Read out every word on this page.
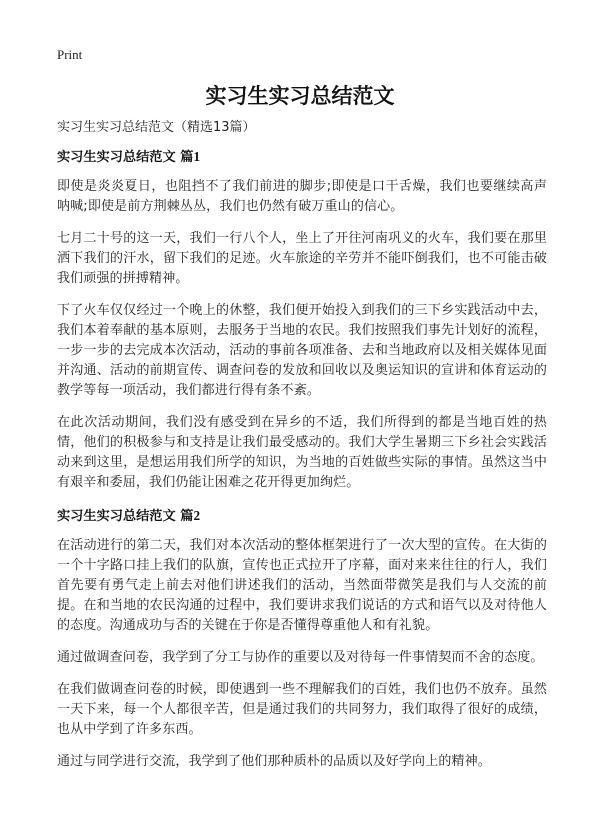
Print
实习生实习总结范文
实习生实习总结范文（精选13篇）
实习生实习总结范文 篇1

即使是炎炎夏日，也阻挡不了我们前进的脚步;即使是口干舌燥，我们也要继续高声呐喊;即使是前方荆棘丛丛，我们也仍然有破万重山的信心。

七月二十号的这一天，我们一行八个人，坐上了开往河南巩义的火车，我们要在那里洒下我们的汗水，留下我们的足迹。火车旅途的辛劳并不能吓倒我们，也不可能击破我们顽强的拼搏精神。

下了火车仅仅经过一个晚上的休整，我们便开始投入到我们的三下乡实践活动中去，我们本着奉献的基本原则，去服务于当地的农民。我们按照我们事先计划好的流程，一步一步的去完成本次活动，活动的事前各项准备、去和当地政府以及相关媒体见面并沟通、活动的前期宣传、调查问卷的发放和回收以及奥运知识的宣讲和体育运动的教学等每一项活动，我们都进行得有条不紊。

在此次活动期间，我们没有感受到在异乡的不适，我们所得到的都是当地百姓的热情，他们的积极参与和支持是让我们最受感动的。我们大学生暑期三下乡社会实践活动来到这里，是想运用我们所学的知识，为当地的百姓做些实际的事情。虽然这当中有艰辛和委屈，我们仍能让困难之花开得更加绚烂。

实习生实习总结范文 篇2

在活动进行的第二天，我们对本次活动的整体框架进行了一次大型的宣传。在大街的一个十字路口挂上我们的队旗，宣传也正式拉开了序幕，面对来来往往的行人，我们首先要有勇气走上前去对他们讲述我们的活动，当然面带微笑是我们与人交流的前提。在和当地的农民沟通的过程中，我们要讲求我们说话的方式和语气以及对待他人的态度。沟通成功与否的关键在于你是否懂得尊重他人和有礼貌。

通过做调查问卷，我学到了分工与协作的重要以及对待每一件事情契而不舍的态度。

在我们做调查问卷的时候，即使遇到一些不理解我们的百姓，我们也仍不放弃。虽然一天下来，每一个人都很辛苦，但是通过我们的共同努力，我们取得了很好的成绩，也从中学到了许多东西。

通过与同学进行交流，我学到了他们那种质朴的品质以及好学向上的精神。
